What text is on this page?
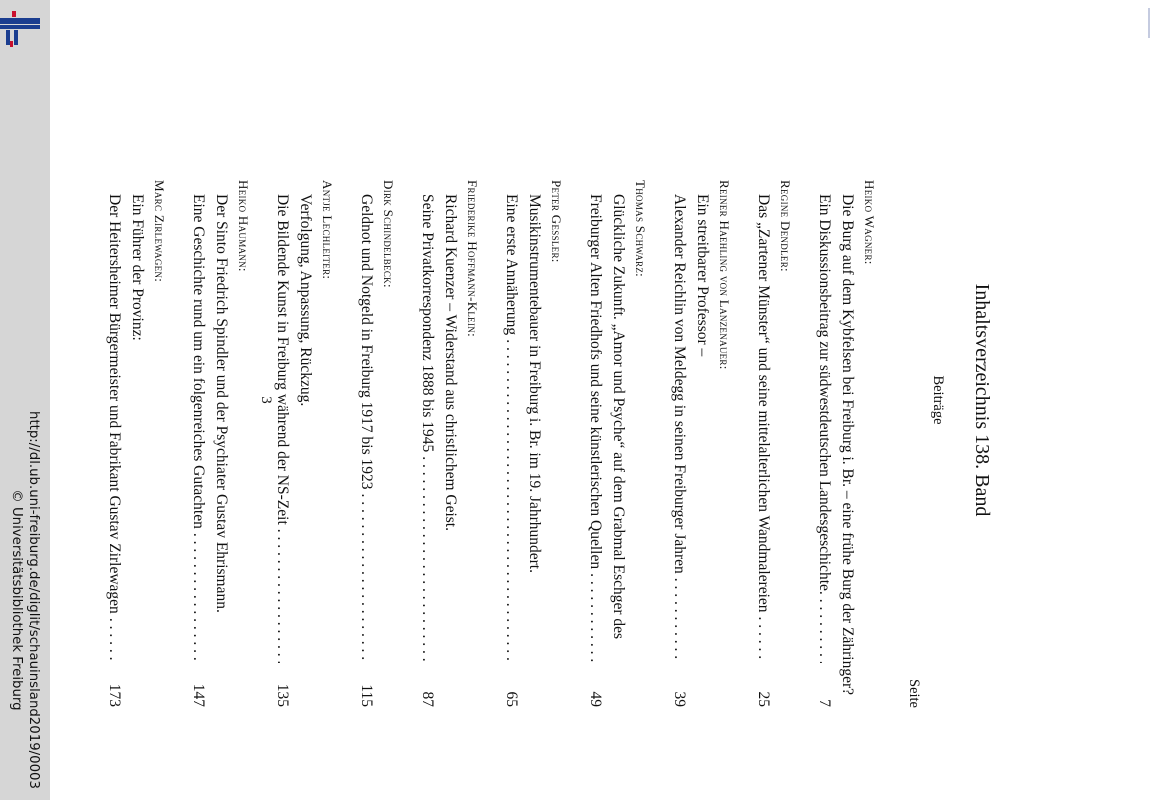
http://dl.ub.uni-freiburg.de/diglit/schauinsland2019/0003
© Universitätsbibliothek Freiburg
Inhaltsverzeichnis 138. Band
Beiträge
Seite
Heiko Wagner:
Die Burg auf dem Kybfelsen bei Freiburg i. Br. – eine frühe Burg der Zähringer?
Ein Diskussionsbeitrag zur südwestdeutschen Landesgeschichte.
. . .
7
Regine Dendler:
Das „Zartener Münster“ und seine mittelalterlichen Wandmalereien
. . .
25
Reiner Haehling von Lanzenauer:
Ein streitbarer Professor –
Alexander Reichlin von Meldegg in seinen Freiburger Jahren
. . .
39
Thomas Schwarz:
Glückliche Zukunft. „Amor und Psyche“ auf dem Grabmal Eschger des
Freiburger Alten Friedhofs und seine künstlerischen Quellen
. . .
49
Peter Gessler:
Musikinstrumentebauer in Freiburg i. Br. im 19. Jahrhundert.
Eine erste Annäherung
. . .
65
Friederike Hoffmann-Klein:
Richard Kuenzer – Widerstand aus christlichem Geist.
Seine Privatkorrespondenz 1888 bis 1945
. . .
87
Dirk Schindelbeck:
Geldnot und Notgeld in Freiburg 1917 bis 1923
. . .
115
Antje Lechleiter:
Verfolgung, Anpassung, Rückzug.
Die Bildende Kunst in Freiburg während der NS-Zeit
. . .
135
Heiko Haumann:
Der Sinto Friedrich Spindler und der Psychiater Gustav Ehrismann.
Eine Geschichte rund um ein folgenreiches Gutachten
. . .
147
Marc Zirlewagen:
Ein Führer der Provinz:
Der Heitersheimer Bürgermeister und Fabrikant Gustav Zirlewagen
. . .
173
3
